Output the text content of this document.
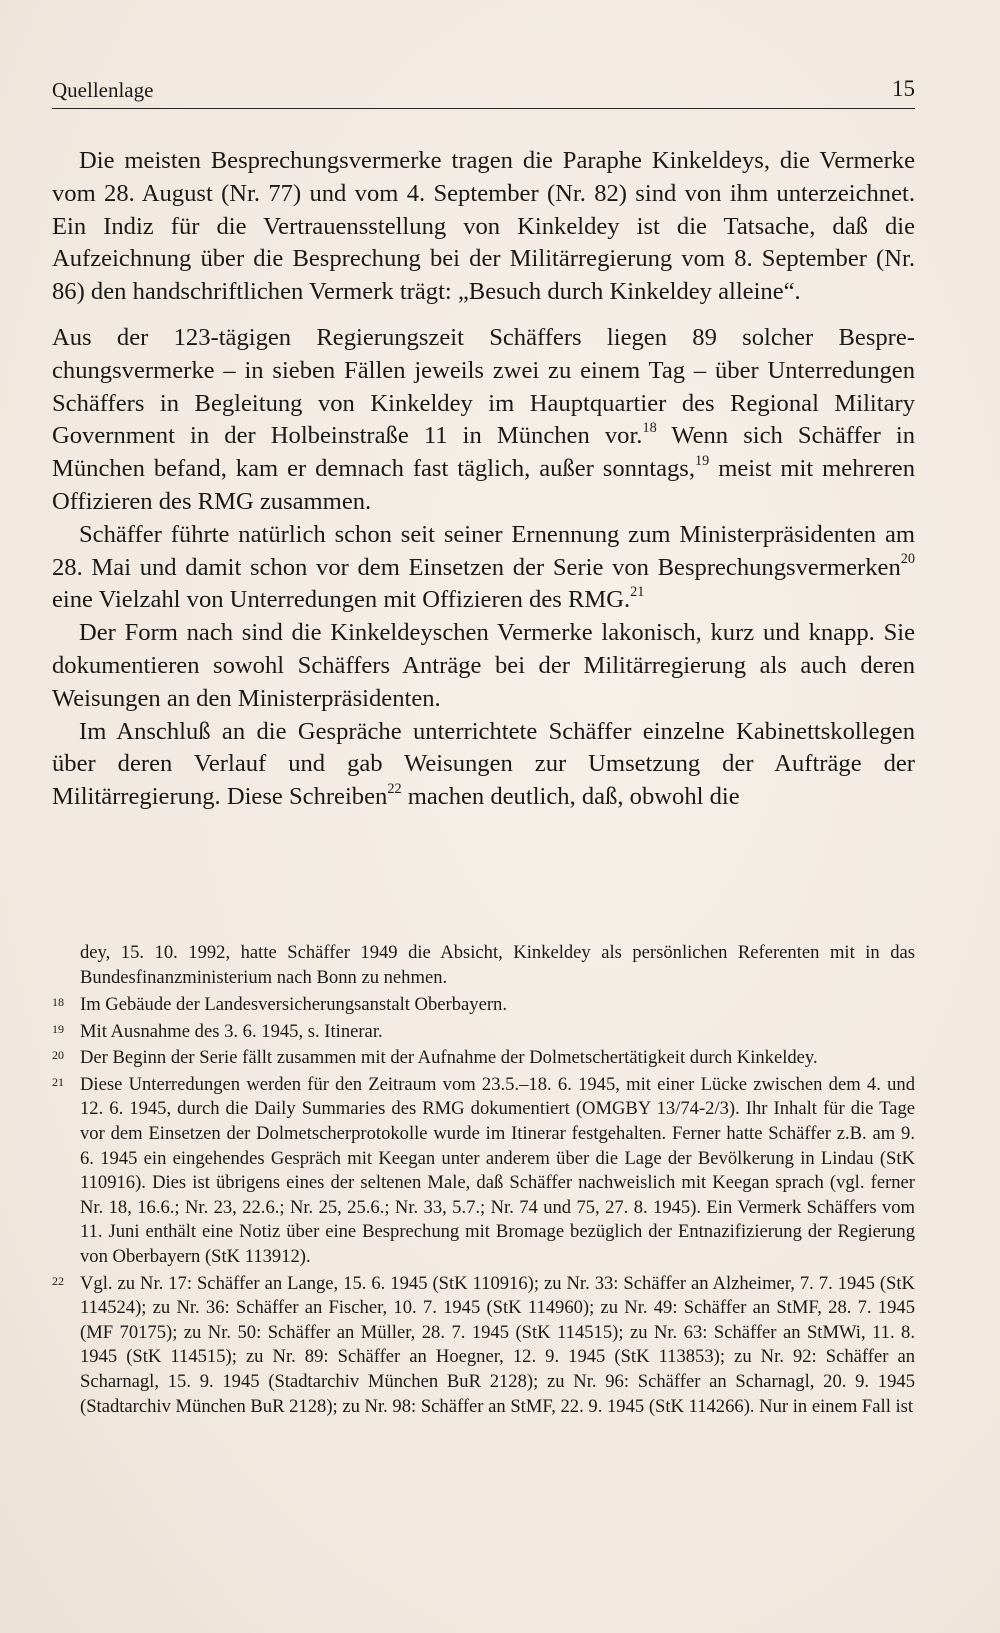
Quellenlage	15

Die meisten Besprechungsvermerke tragen die Paraphe Kinkeldeys, die Vermerke vom 28. August (Nr. 77) und vom 4. September (Nr. 82) sind von ihm unterzeichnet. Ein Indiz für die Vertrauensstellung von Kinkeldey ist die Tatsache, daß die Aufzeichnung über die Besprechung bei der Militärregierung vom 8. September (Nr. 86) den handschriftlichen Vermerk trägt: „Besuch durch Kinkeldey alleine“.

Aus der 123-tägigen Regierungszeit Schäffers liegen 89 solcher Besprechungsvermerke – in sieben Fällen jeweils zwei zu einem Tag – über Unterredungen Schäffers in Begleitung von Kinkeldey im Hauptquartier des Regional Military Government in der Holbeinstraße 11 in München vor.$^{18}$ Wenn sich Schäffer in München befand, kam er demnach fast täglich, außer sonntags,$^{19}$ meist mit mehreren Offizieren des RMG zusammen.

Schäffer führte natürlich schon seit seiner Ernennung zum Ministerpräsidenten am 28. Mai und damit schon vor dem Einsetzen der Serie von Besprechungsvermerken$^{20}$ eine Vielzahl von Unterredungen mit Offizieren des RMG.$^{21}$

Der Form nach sind die Kinkeldeyschen Vermerke lakonisch, kurz und knapp. Sie dokumentieren sowohl Schäffers Anträge bei der Militärregierung als auch deren Weisungen an den Ministerpräsidenten.

Im Anschluß an die Gespräche unterrichtete Schäffer einzelne Kabinettskollegen über deren Verlauf und gab Weisungen zur Umsetzung der Aufträge der Militärregierung. Diese Schreiben$^{22}$ machen deutlich, daß, obwohl die

dey, 15. 10. 1992, hatte Schäffer 1949 die Absicht, Kinkeldey als persönlichen Referenten mit in das Bundesfinanzministerium nach Bonn zu nehmen.
18 Im Gebäude der Landesversicherungsanstalt Oberbayern.
19 Mit Ausnahme des 3. 6. 1945, s. Itinerar.
20 Der Beginn der Serie fällt zusammen mit der Aufnahme der Dolmetschertätigkeit durch Kinkeldey.
21 Diese Unterredungen werden für den Zeitraum vom 23.5.–18. 6. 1945, mit einer Lücke zwischen dem 4. und 12. 6. 1945, durch die Daily Summaries des RMG dokumentiert (OMGBY 13/74-2/3). Ihr Inhalt für die Tage vor dem Einsetzen der Dolmetscherprotokolle wurde im Itinerar festgehalten. Ferner hatte Schäffer z.B. am 9. 6. 1945 ein eingehendes Gespräch mit Keegan unter anderem über die Lage der Bevölkerung in Lindau (StK 110916). Dies ist übrigens eines der seltenen Male, daß Schäffer nachweislich mit Keegan sprach (vgl. ferner Nr. 18, 16.6.; Nr. 23, 22.6.; Nr. 25, 25.6.; Nr. 33, 5.7.; Nr. 74 und 75, 27. 8. 1945). Ein Vermerk Schäffers vom 11. Juni enthält eine Notiz über eine Besprechung mit Bromage bezüglich der Entnazifizierung der Regierung von Oberbayern (StK 113912).
22 Vgl. zu Nr. 17: Schäffer an Lange, 15. 6. 1945 (StK 110916); zu Nr. 33: Schäffer an Alzheimer, 7. 7. 1945 (StK 114524); zu Nr. 36: Schäffer an Fischer, 10. 7. 1945 (StK 114960); zu Nr. 49: Schäffer an StMF, 28. 7. 1945 (MF 70175); zu Nr. 50: Schäffer an Müller, 28. 7. 1945 (StK 114515); zu Nr. 63: Schäffer an StMWi, 11. 8. 1945 (StK 114515); zu Nr. 89: Schäffer an Hoegner, 12. 9. 1945 (StK 113853); zu Nr. 92: Schäffer an Scharnagl, 15. 9. 1945 (Stadtarchiv München BuR 2128); zu Nr. 96: Schäffer an Scharnagl, 20. 9. 1945 (Stadtarchiv München BuR 2128); zu Nr. 98: Schäffer an StMF, 22. 9. 1945 (StK 114266). Nur in einem Fall ist
